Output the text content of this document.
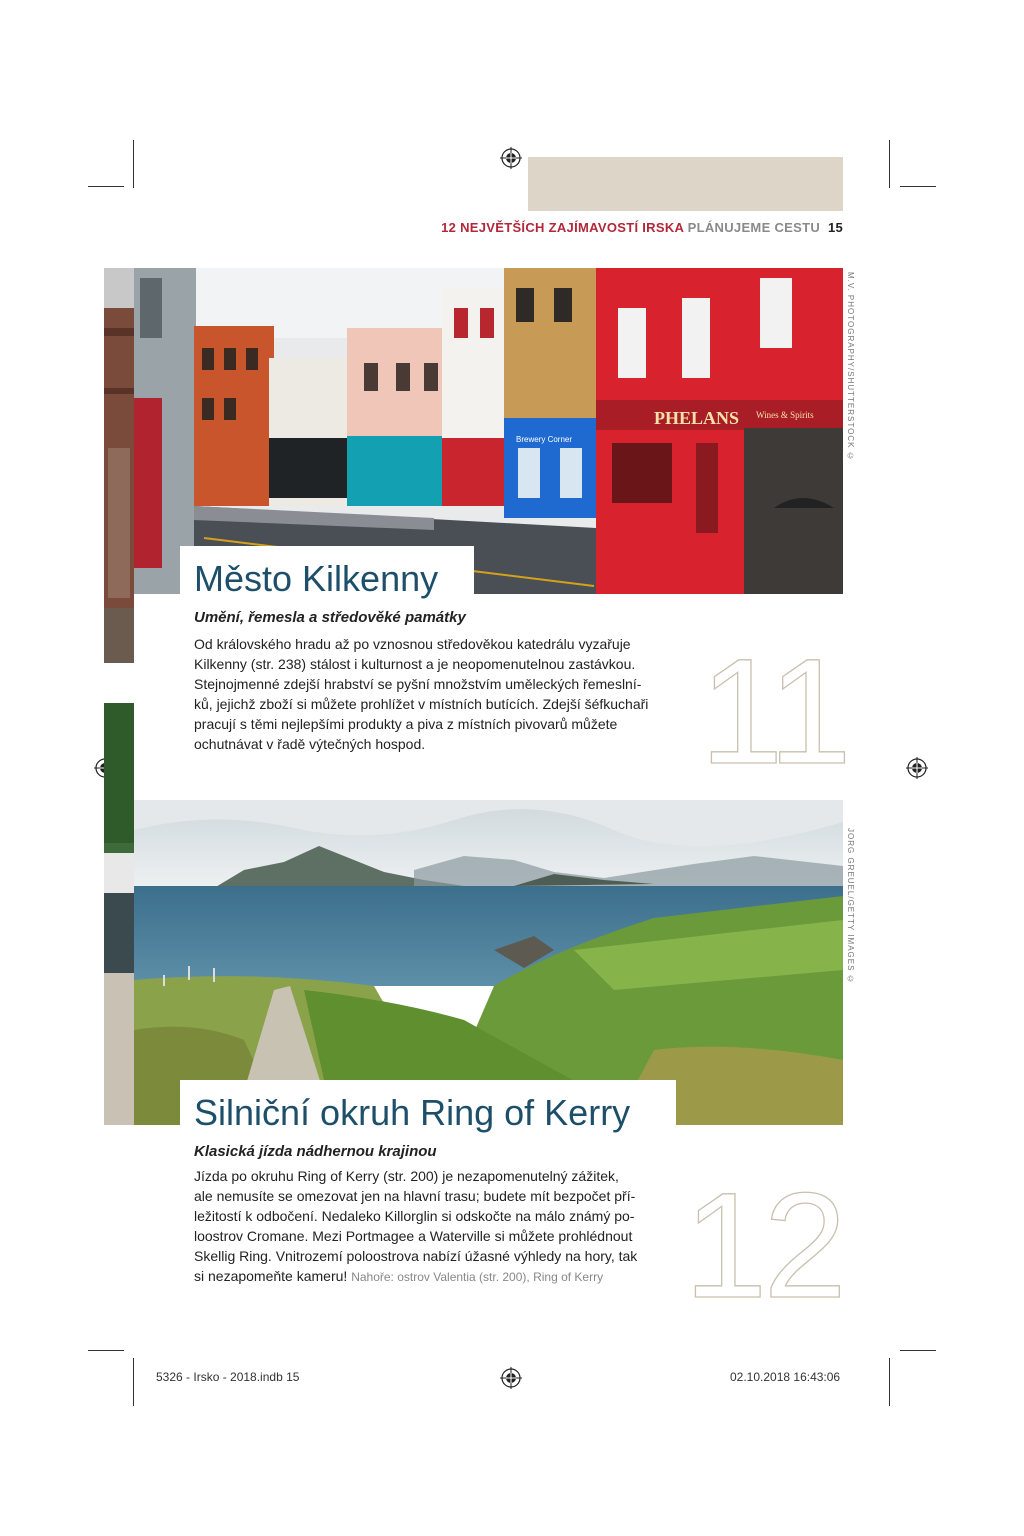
12 NEJVĚTŠÍCH ZAJÍMAVOSTÍ IRSKA PLÁNUJEME CESTU 15
PHELANS
Brewery Corner
Wines & Spirits	M.V. PHOTOGRAPHY/SHUTTERSTOCK ©
Město Kilkenny
Umění, řemesla a středověké památky
Od královského hradu až po vznosnou středověkou katedrálu vyzařuje
Kilkenny (str. 238) stálost i kulturnost a je neopomenutelnou zastávkou.
Stejnojmenné zdejší hrabství se pyšní množstvím uměleckých řemeslní-
ků, jejichž zboží si můžete prohlížet v místních butících. Zdejší šéfkuchaři
pracují s těmi nejlepšími produkty a piva z místních pivovarů můžete
ochutnávat v řadě výtečných hospod.	11
JORG GREUEL/GETTY IMAGES ©
Silniční okruh Ring of Kerry
Klasická jízda nádhernou krajinou
Jízda po okruhu Ring of Kerry (str. 200) je nezapomenutelný zážitek,
ale nemusíte se omezovat jen na hlavní trasu; budete mít bezpočet pří-
ležitostí k odbočení. Nedaleko Killorglin si odskočte na málo známý po-
loostrov Cromane. Mezi Portmagee a Waterville si můžete prohlédnout
Skellig Ring. Vnitrozemí poloostrova nabízí úžasné výhledy na hory, tak
si nezapomeňte kameru! Nahoře: ostrov Valentia (str. 200), Ring of Kerry 12
5326 - Irsko - 2018.indb 15	02.10.2018 16:43:06
